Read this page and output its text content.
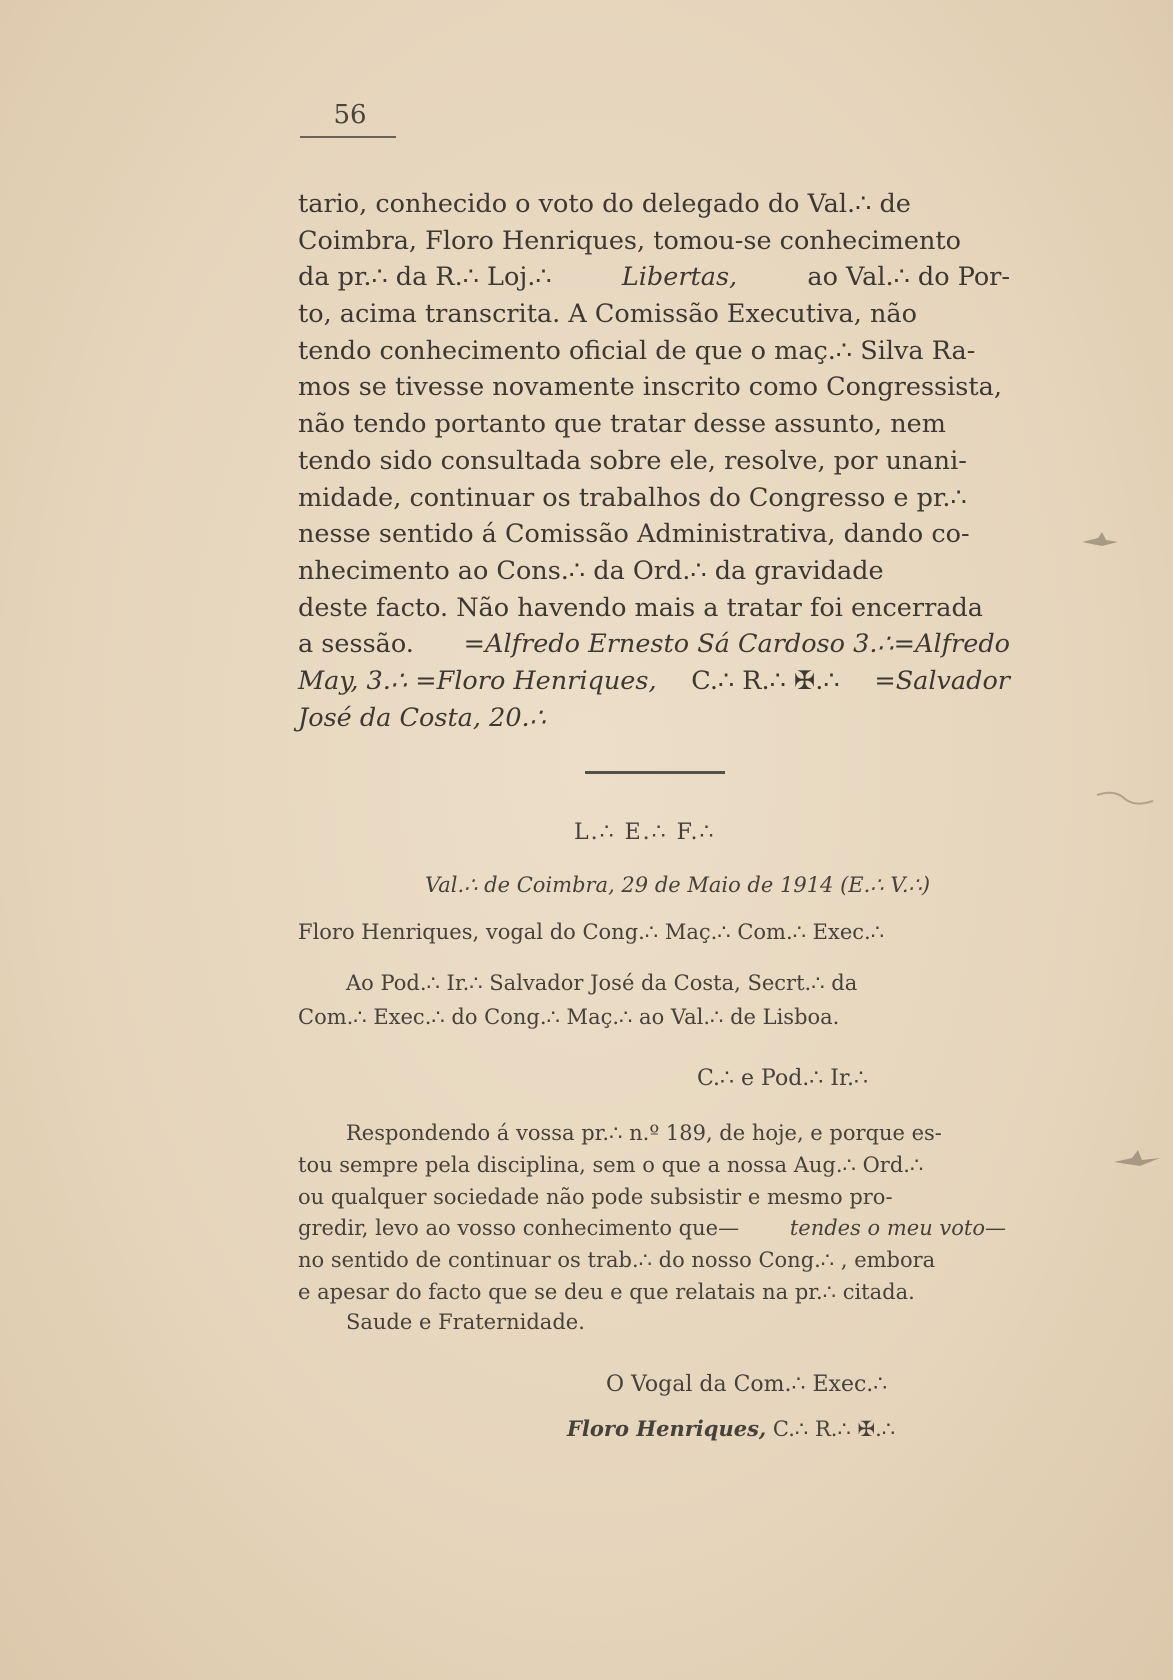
56
tario, conhecido o voto do delegado do Val.∴ de
Coimbra, Floro Henriques, tomou-se conhecimento
da pr.∴ da R.∴ Loj.∴	Libertas,	ao Val.∴ do Por-
to, acima transcrita. A Comissão Executiva, não
tendo conhecimento oficial de que o maç.∴ Silva Ra-
mos se tivesse novamente inscrito como Congressista,
não tendo portanto que tratar desse assunto, nem
tendo sido consultada sobre ele, resolve, por unani-
midade, continuar os trabalhos do Congresso e pr.∴
nesse sentido á Comissão Administrativa, dando co-
nhecimento ao Cons.∴ da Ord.∴ da gravidade
deste facto. Não havendo mais a tratar foi encerrada
a sessão. =Alfredo Ernesto Sá Cardoso 3.∴=Alfredo
May, 3.∴ =Floro Henriques, C.∴ R.∴ ✠.∴ =Salvador
José da Costa, 20.∴
L.∴ E.∴ F.∴
Val.∴ de Coimbra, 29 de Maio de 1914 (E.∴ V.∴)
Floro Henriques, vogal do Cong.∴ Maç.∴ Com.∴ Exec.∴
Ao Pod.∴ Ir.∴ Salvador José da Costa, Secrt.∴ da
Com.∴ Exec.∴ do Cong.∴ Maç.∴ ao Val.∴ de Lisboa.
C.∴ e Pod.∴ Ir.∴
Respondendo á vossa pr.∴ n.º 189, de hoje, e porque es-
tou sempre pela disciplina, sem o que a nossa Aug.∴ Ord.∴
ou qualquer sociedade não pode subsistir e mesmo pro-
gredir, levo ao vosso conhecimento que— tendes o meu voto—
no sentido de continuar os trab.∴ do nosso Cong.∴ , embora
e apesar do facto que se deu e que relatais na pr.∴ citada.
Saude e Fraternidade.
O Vogal da Com.∴ Exec.∴
Floro Henriques, C.∴ R.∴ ✠.∴
